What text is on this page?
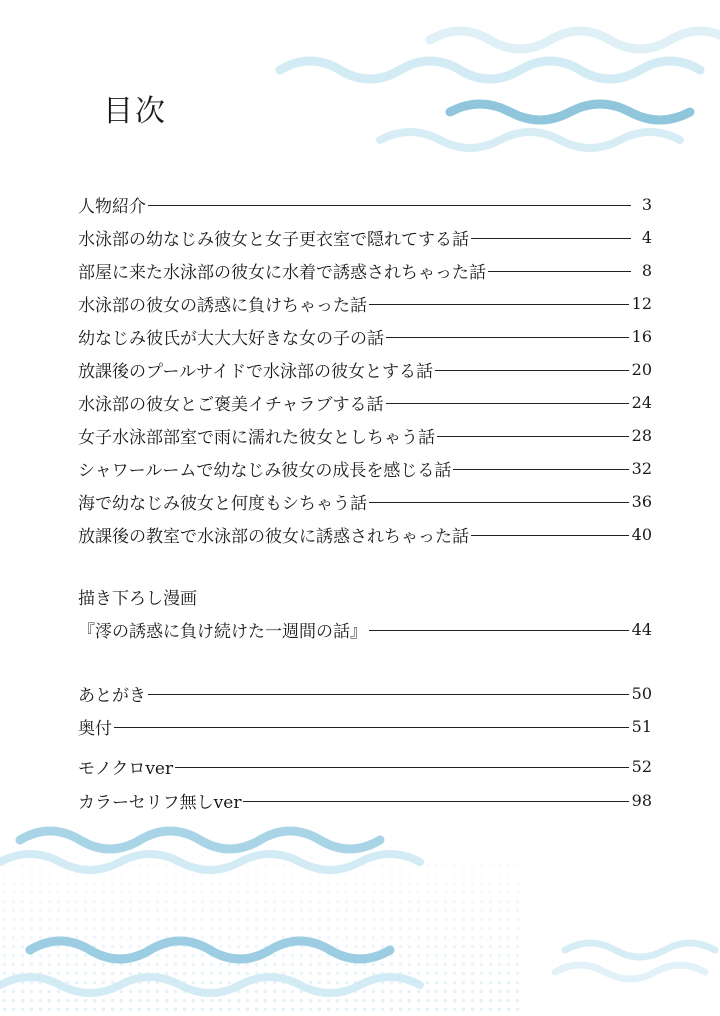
目次
人物紹介	3
水泳部の幼なじみ彼女と女子更衣室で隠れてする話	4
部屋に来た水泳部の彼女に水着で誘惑されちゃった話	8
水泳部の彼女の誘惑に負けちゃった話	12
幼なじみ彼氏が大大大好きな女の子の話	16
放課後のプールサイドで水泳部の彼女とする話	20
水泳部の彼女とご褒美イチャラブする話	24
女子水泳部部室で雨に濡れた彼女としちゃう話	28
シャワールームで幼なじみ彼女の成長を感じる話	32
海で幼なじみ彼女と何度もシちゃう話	36
放課後の教室で水泳部の彼女に誘惑されちゃった話	40
描き下ろし漫画
『澪の誘惑に負け続けた一週間の話』	44
あとがき	50
奥付	51
モノクロver	52
カラーセリフ無しver	98
